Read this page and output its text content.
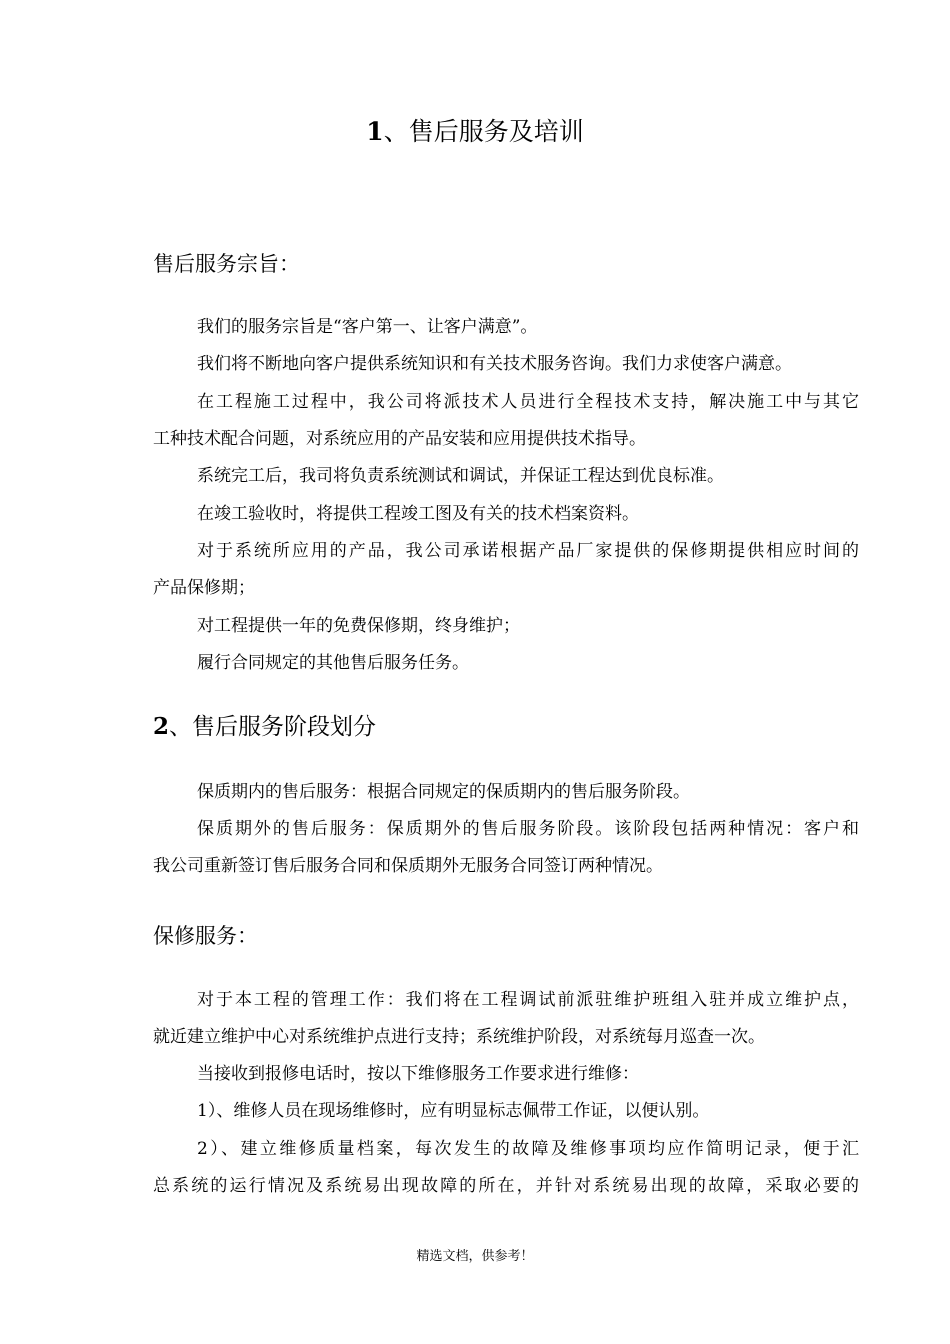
1、售后服务及培训
售后服务宗旨：

我们的服务宗旨是“客户第一、让客户满意”。

我们将不断地向客户提供系统知识和有关技术服务咨询。我们力求使客户满意。

在工程施工过程中，我公司将派技术人员进行全程技术支持，解决施工中与其它
工种技术配合问题，对系统应用的产品安装和应用提供技术指导。

系统完工后，我司将负责系统测试和调试，并保证工程达到优良标准。

在竣工验收时，将提供工程竣工图及有关的技术档案资料。

对于系统所应用的产品，我公司承诺根据产品厂家提供的保修期提供相应时间的
产品保修期；

对工程提供一年的免费保修期，终身维护；

履行合同规定的其他售后服务任务。

2、售后服务阶段划分

保质期内的售后服务：根据合同规定的保质期内的售后服务阶段。

保质期外的售后服务：保质期外的售后服务阶段。该阶段包括两种情况：客户和
我公司重新签订售后服务合同和保质期外无服务合同签订两种情况。

保修服务：

对于本工程的管理工作：我们将在工程调试前派驻维护班组入驻并成立维护点，
就近建立维护中心对系统维护点进行支持；系统维护阶段，对系统每月巡查一次。

当接收到报修电话时，按以下维修服务工作要求进行维修：

1）、维修人员在现场维修时，应有明显标志佩带工作证，以便认别。

2）、建立维修质量档案，每次发生的故障及维修事项均应作简明记录，便于汇
总系统的运行情况及系统易出现故障的所在，并针对系统易出现的故障，采取必要的

精选文档，供参考！
